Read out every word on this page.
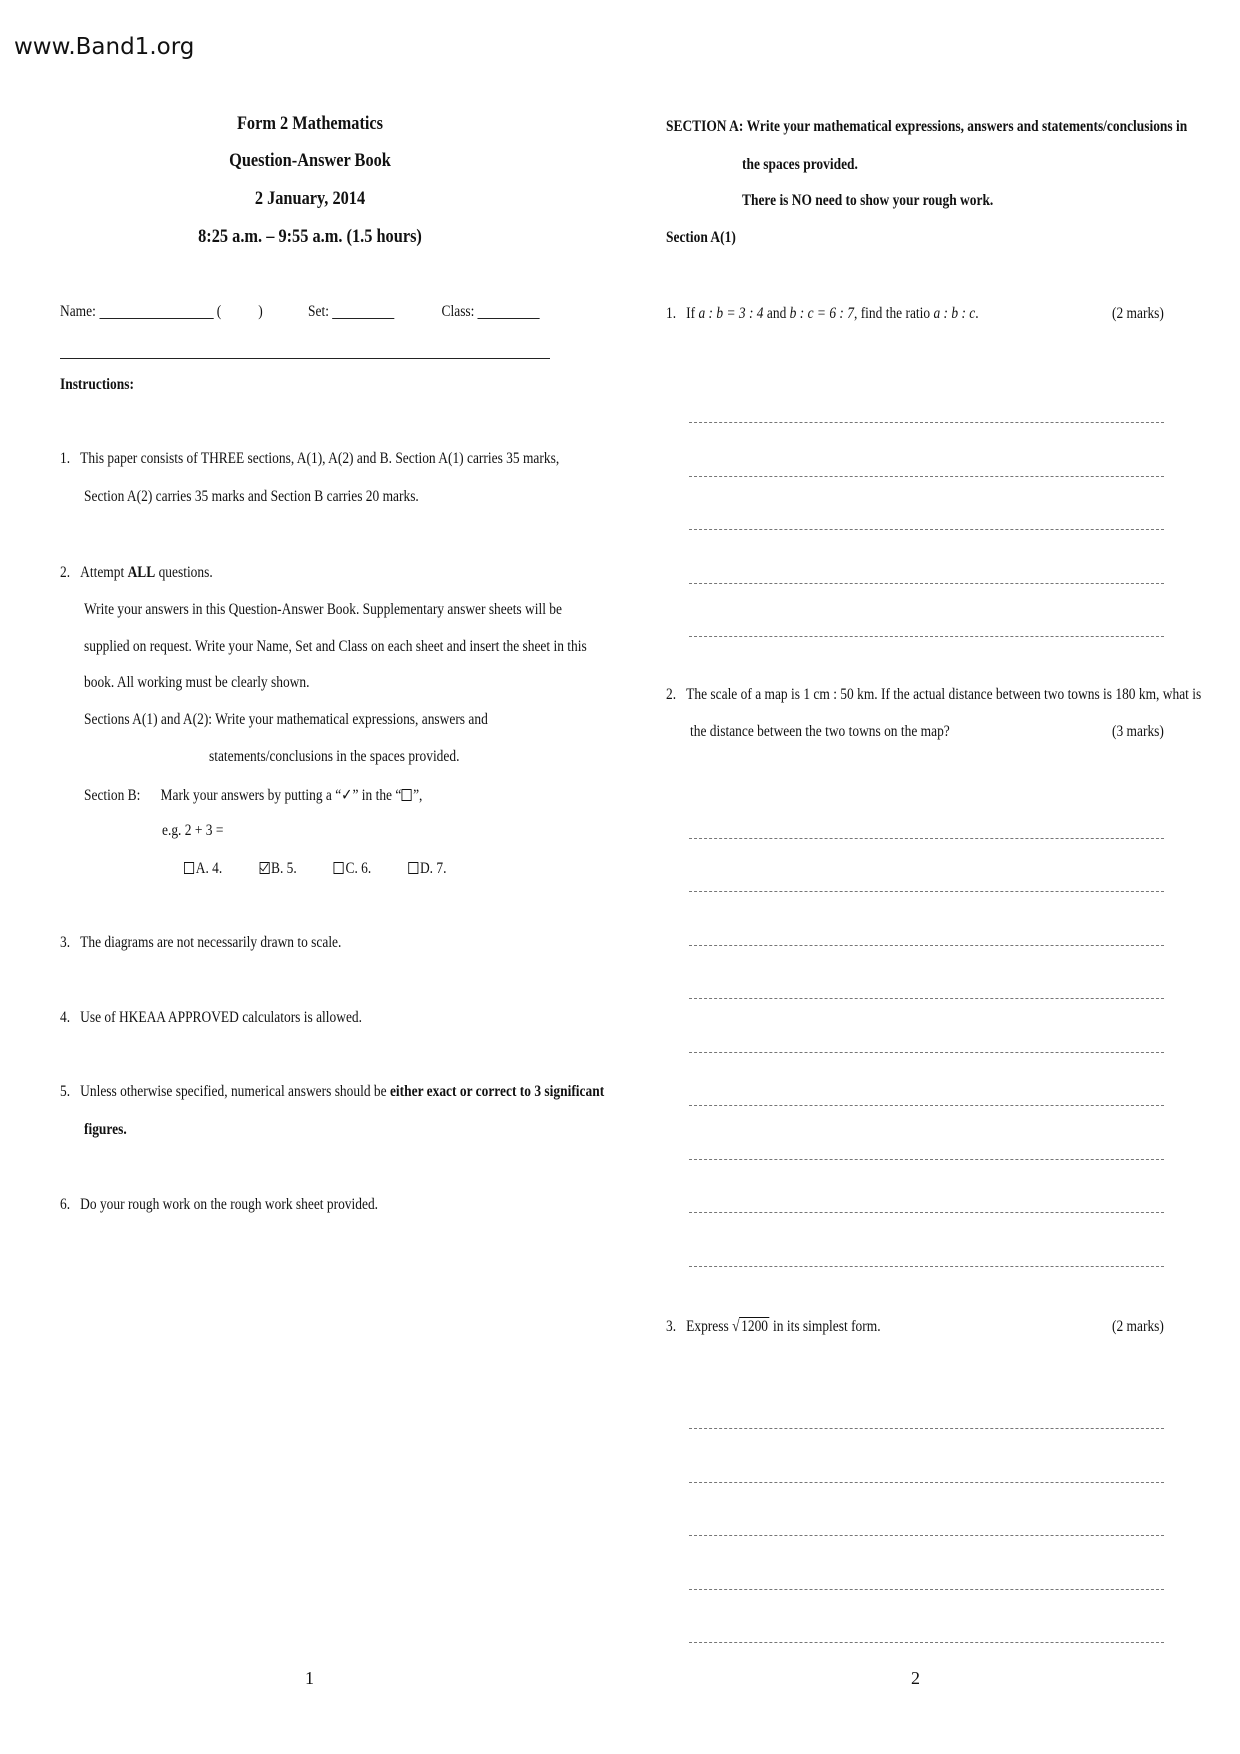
www.Band1.org
Form 2 Mathematics
Question-Answer Book
2 January, 2014
8:25 a.m. – 9:55 a.m. (1.5 hours)
Name:	( )	Set:	Class:
Instructions:
1. This paper consists of THREE sections, A(1), A(2) and B. Section A(1) carries 35 marks,
Section A(2) carries 35 marks and Section B carries 20 marks.
2. Attempt ALL questions.
Write your answers in this Question-Answer Book. Supplementary answer sheets will be
supplied on request. Write your Name, Set and Class on each sheet and insert the sheet in this
book. All working must be clearly shown.
Sections A(1) and A(2): Write your mathematical expressions, answers and
statements/conclusions in the spaces provided.
Section B: Mark your answers by putting a “✓” in the “ ”,
e.g. 2 + 3 =
A. 4.	B. 5.	C. 6.	D. 7.
3. The diagrams are not necessarily drawn to scale.
4. Use of HKEAA APPROVED calculators is allowed.
5. Unless otherwise specified, numerical answers should be either exact or correct to 3 significant
figures.
6. Do your rough work on the rough work sheet provided.
1
SECTION A: Write your mathematical expressions, answers and statements/conclusions in
the spaces provided.
There is NO need to show your rough work.
Section A(1)
1. If a : b = 3 : 4 and b : c = 6 : 7, find the ratio a : b : c.	(2 marks)
2. The scale of a map is 1 cm : 50 km. If the actual distance between two towns is 180 km, what is
the distance between the two towns on the map?	(3 marks)
3. Express √ 1200 in its simplest form.	(2 marks)
2
